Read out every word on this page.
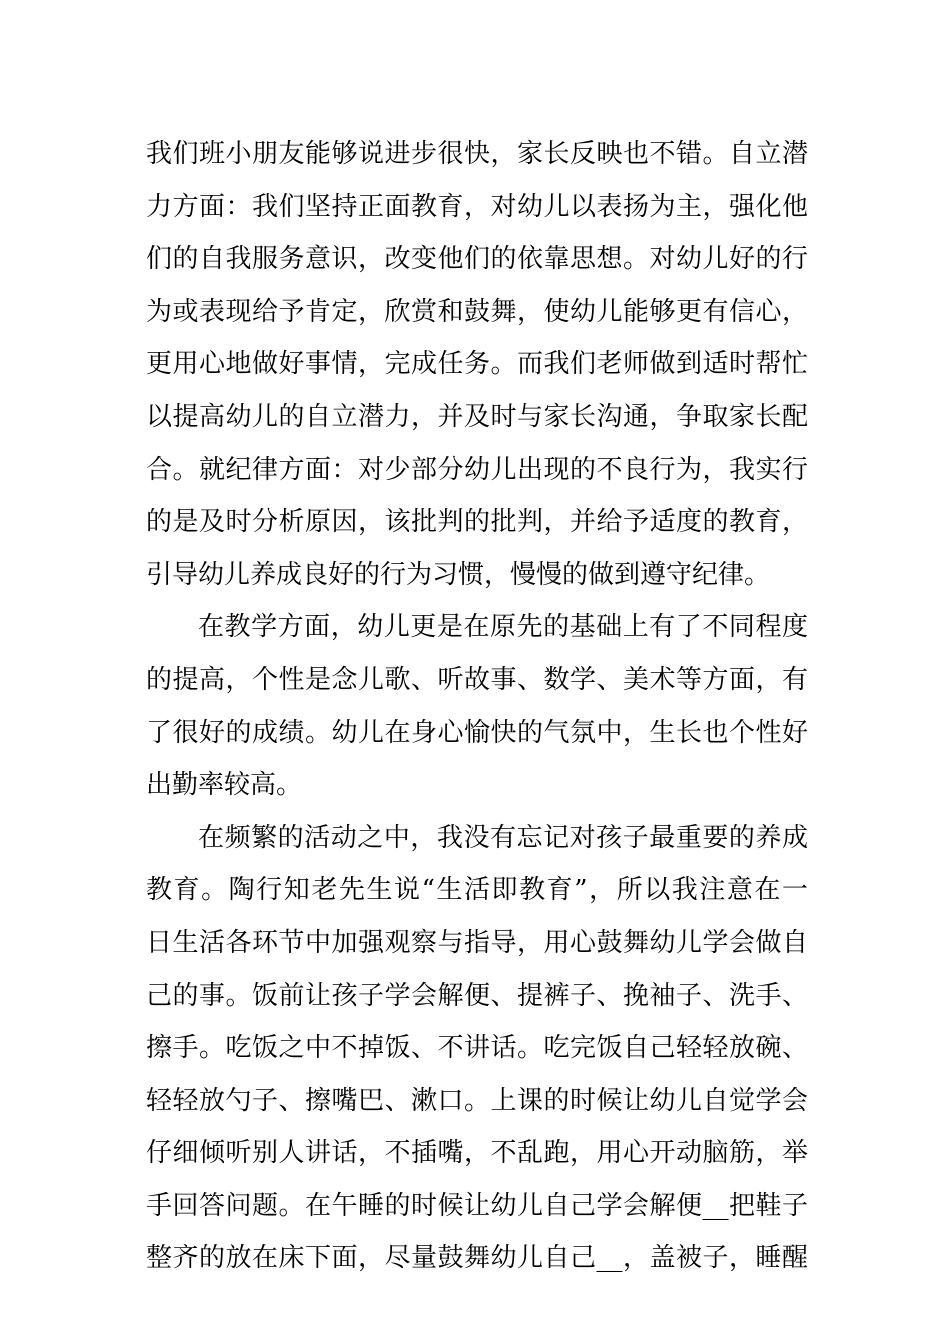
我们班小朋友能够说进步很快，家长反映也不错。自立潜
力方面：我们坚持正面教育，对幼儿以表扬为主，强化他
们的自我服务意识，改变他们的依靠思想。对幼儿好的行
为或表现给予肯定，欣赏和鼓舞，使幼儿能够更有信心，
更用心地做好事情，完成任务。而我们老师做到适时帮忙
以提高幼儿的自立潜力，并及时与家长沟通，争取家长配
合。就纪律方面：对少部分幼儿出现的不良行为，我实行
的是及时分析原因，该批判的批判，并给予适度的教育，
引导幼儿养成良好的行为习惯，慢慢的做到遵守纪律。
在教学方面，幼儿更是在原先的基础上有了不同程度
的提高，个性是念儿歌、听故事、数学、美术等方面，有
了很好的成绩。幼儿在身心愉快的气氛中，生长也个性好
出勤率较高。
在频繁的活动之中，我没有忘记对孩子最重要的养成
教育。陶行知老先生说“生活即教育”，所以我注意在一
日生活各环节中加强观察与指导，用心鼓舞幼儿学会做自
己的事。饭前让孩子学会解便、提裤子、挽袖子、洗手、
擦手。吃饭之中不掉饭、不讲话。吃完饭自己轻轻放碗、
轻轻放勺子、擦嘴巴、漱口。上课的时候让幼儿自觉学会
仔细倾听别人讲话，不插嘴，不乱跑，用心开动脑筋，举
手回答问题。在午睡的时候让幼儿自己学会解便__把鞋子
整齐的放在床下面，尽量鼓舞幼儿自己__，盖被子，睡醒
